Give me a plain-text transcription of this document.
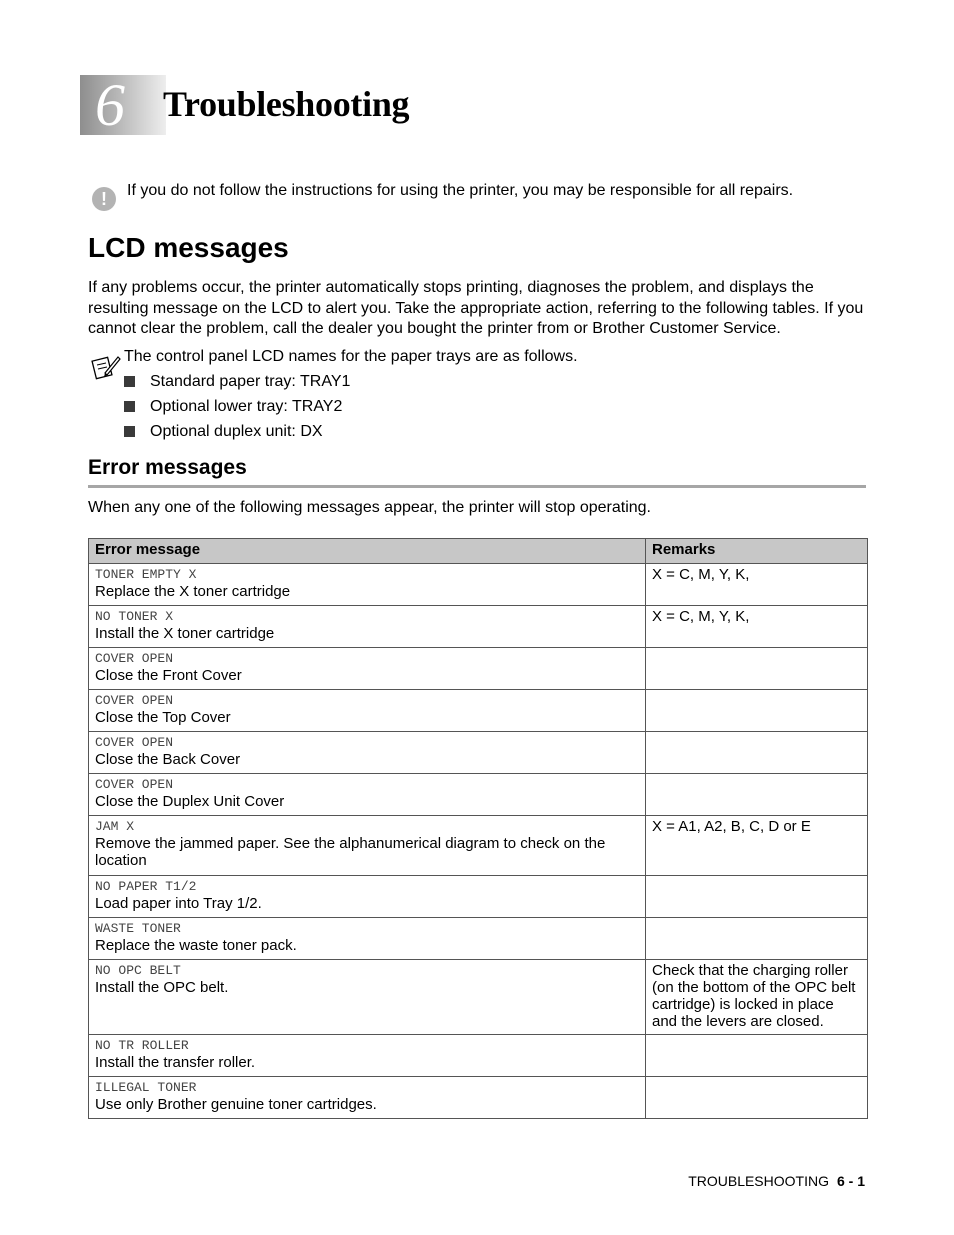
6 Troubleshooting
!	If you do not follow the instructions for using the printer, you may be responsible for all repairs.
LCD messages
If any problems occur, the printer automatically stops printing, diagnoses the problem, and displays the resulting message on the LCD to alert you. Take the appropriate action, referring to the following tables. If you cannot clear the problem, call the dealer you bought the printer from or Brother Customer Service.
The control panel LCD names for the paper trays are as follows.
Standard paper tray: TRAY1
Optional lower tray: TRAY2
Optional duplex unit: DX
Error messages
When any one of the following messages appear, the printer will stop operating.
Error message	Remarks

TONER EMPTY X
Replace the X toner cartridge	X = C, M, Y, K,

NO TONER X
Install the X toner cartridge	X = C, M, Y, K,

COVER OPEN
Close the Front Cover	

COVER OPEN
Close the Top Cover	

COVER OPEN
Close the Back Cover	

COVER OPEN
Close the Duplex Unit Cover	

JAM X
Remove the jammed paper. See the alphanumerical diagram to check on the location	X = A1, A2, B, C, D or E

NO PAPER T1/2
Load paper into Tray 1/2.	

WASTE TONER
Replace the waste toner pack.	

NO OPC BELT
Install the OPC belt.	Check that the charging roller (on the bottom of the OPC belt cartridge) is locked in place and the levers are closed.

NO TR ROLLER
Install the transfer roller.	

ILLEGAL TONER
Use only Brother genuine toner cartridges.	

TROUBLESHOOTING 6 - 1
